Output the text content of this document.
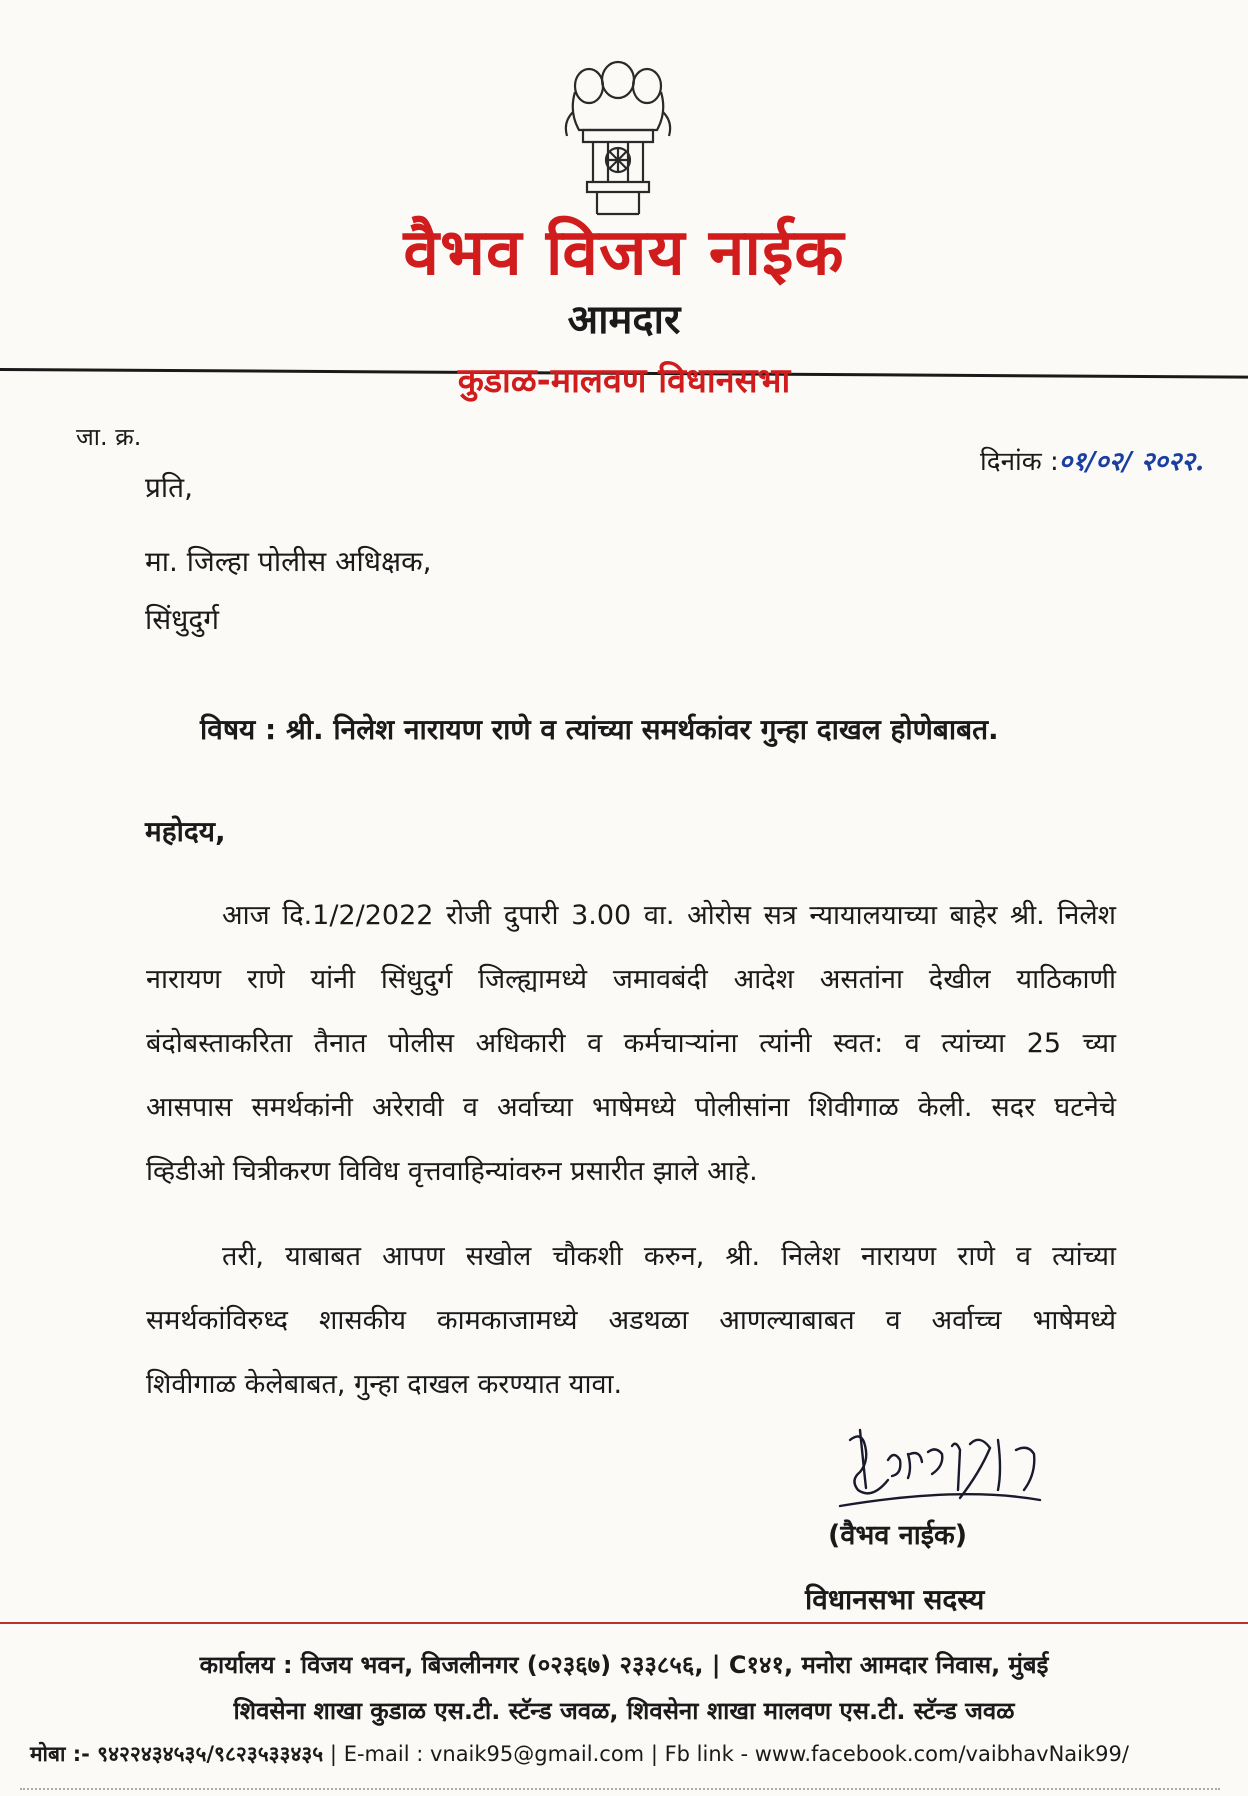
वैभव विजय नाईक
आमदार
कुडाळ-मालवण विधानसभा
जा. क्र.
दिनांक :०१/०२/ २०२२.
प्रति,
मा. जिल्हा पोलीस अधिक्षक,
सिंधुदुर्ग
विषय : श्री. निलेश नारायण राणे व त्यांच्या समर्थकांवर गुन्हा दाखल होणेबाबत.
महोदय,
आज दि.1/2/2022 रोजी दुपारी 3.00 वा. ओरोस सत्र न्यायालयाच्या बाहेर श्री. निलेश
नारायण राणे यांनी सिंधुदुर्ग जिल्ह्यामध्ये जमावबंदी आदेश असतांना देखील याठिकाणी
बंदोबस्ताकरिता तैनात पोलीस अधिकारी व कर्मचाऱ्यांना त्यांनी स्वत: व त्यांच्या 25 च्या
आसपास समर्थकांनी अरेरावी व अर्वाच्या भाषेमध्ये पोलीसांना शिवीगाळ केली. सदर घटनेचे
व्हिडीओ चित्रीकरण विविध वृत्तवाहिन्यांवरुन प्रसारीत झाले आहे.
तरी, याबाबत आपण सखोल चौकशी करुन, श्री. निलेश नारायण राणे व त्यांच्या
समर्थकांविरुध्द शासकीय कामकाजामध्ये अडथळा आणल्याबाबत व अर्वाच्च भाषेमध्ये
शिवीगाळ केलेबाबत, गुन्हा दाखल करण्यात यावा.
(वैभव नाईक)
विधानसभा सदस्य
कार्यालय : विजय भवन, बिजलीनगर (०२३६७) २३३८५६, | C१४१, मनोरा आमदार निवास, मुंबई
शिवसेना शाखा कुडाळ एस.टी. स्टॅन्ड जवळ, शिवसेना शाखा मालवण एस.टी. स्टॅन्ड जवळ
मोबा :- ९४२२४३४५३५/९८२३५३३४३५ | E-mail : vnaik95@gmail.com | Fb link - www.facebook.com/vaibhavNaik99/
